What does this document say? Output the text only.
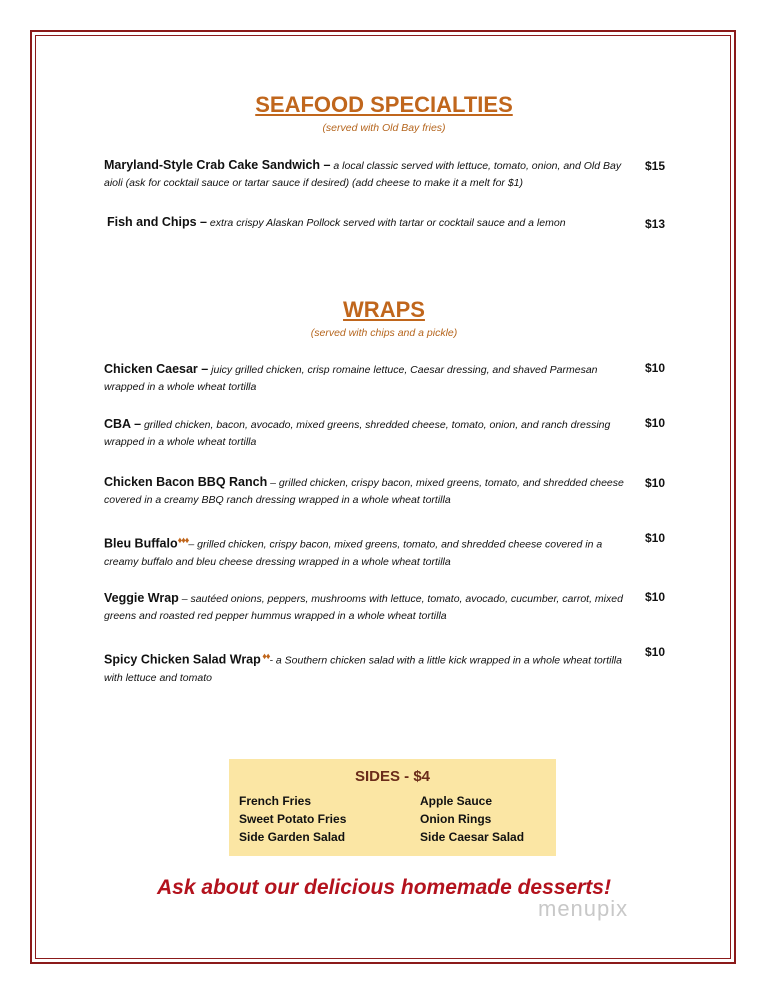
SEAFOOD SPECIALTIES
(served with Old Bay fries)
Maryland-Style Crab Cake Sandwich – a local classic served with lettuce, tomato, onion, and Old Bay aioli (ask for cocktail sauce or tartar sauce if desired) (add cheese to make it a melt for $1)
$15
Fish and Chips – extra crispy Alaskan Pollock served with tartar or cocktail sauce and a lemon	$13
WRAPS
(served with chips and a pickle)
Chicken Caesar – juicy grilled chicken, crisp romaine lettuce, Caesar dressing, and shaved Parmesan wrapped in a whole wheat tortilla
$10
CBA – grilled chicken, bacon, avocado, mixed greens, shredded cheese, tomato, onion, and ranch dressing wrapped in a whole wheat tortilla
$10
Chicken Bacon BBQ Ranch – grilled chicken, crispy bacon, mixed greens, tomato, and shredded cheese covered in a creamy BBQ ranch dressing wrapped in a whole wheat tortilla
$10
Bleu Buffalo♦♦♦– grilled chicken, crispy bacon, mixed greens, tomato, and shredded cheese covered in a creamy buffalo and bleu cheese dressing wrapped in a whole wheat tortilla
$10
Veggie Wrap – sautéed onions, peppers, mushrooms with lettuce, tomato, avocado, cucumber, carrot, mixed greens and roasted red pepper hummus wrapped in a whole wheat tortilla
$10
Spicy Chicken Salad Wrap ♦♦- a Southern chicken salad with a little kick wrapped in a whole wheat tortilla with lettuce and tomato
$10
SIDES - $4
French Fries
Sweet Potato Fries
Side Garden Salad
Apple Sauce
Onion Rings
Side Caesar Salad
Ask about our delicious homemade desserts!
menupix
